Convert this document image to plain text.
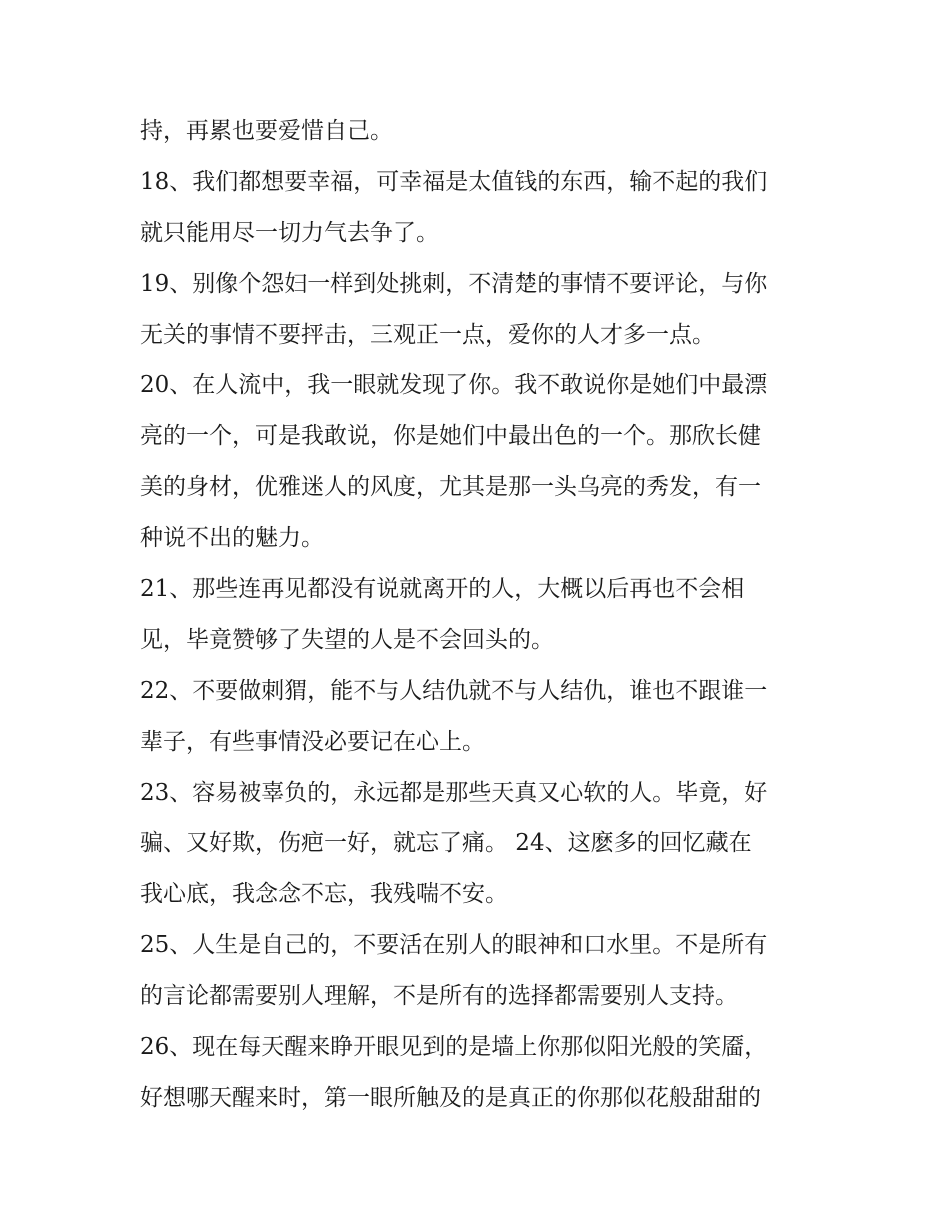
持，再累也要爱惜自己。
18、我们都想要幸福，可幸福是太值钱的东西，输不起的我们
就只能用尽一切力气去争了。
19、别像个怨妇一样到处挑刺，不清楚的事情不要评论，与你
无关的事情不要抨击，三观正一点，爱你的人才多一点。
20、在人流中，我一眼就发现了你。我不敢说你是她们中最漂
亮的一个，可是我敢说，你是她们中最出色的一个。那欣长健
美的身材，优雅迷人的风度，尤其是那一头乌亮的秀发，有一
种说不出的魅力。
21、那些连再见都没有说就离开的人，大概以后再也不会相
见，毕竟赞够了失望的人是不会回头的。
22、不要做刺猬，能不与人结仇就不与人结仇，谁也不跟谁一
辈子，有些事情没必要记在心上。
23、容易被辜负的，永远都是那些天真又心软的人。毕竟，好
骗、又好欺，伤疤一好，就忘了痛。 24、这麽多的回忆藏在
我心底，我念念不忘，我残喘不安。
25、人生是自己的，不要活在别人的眼神和口水里。不是所有
的言论都需要别人理解，不是所有的选择都需要别人支持。
26、现在每天醒来睁开眼见到的是墙上你那似阳光般的笑靥，
好想哪天醒来时，第一眼所触及的是真正的你那似花般甜甜的
